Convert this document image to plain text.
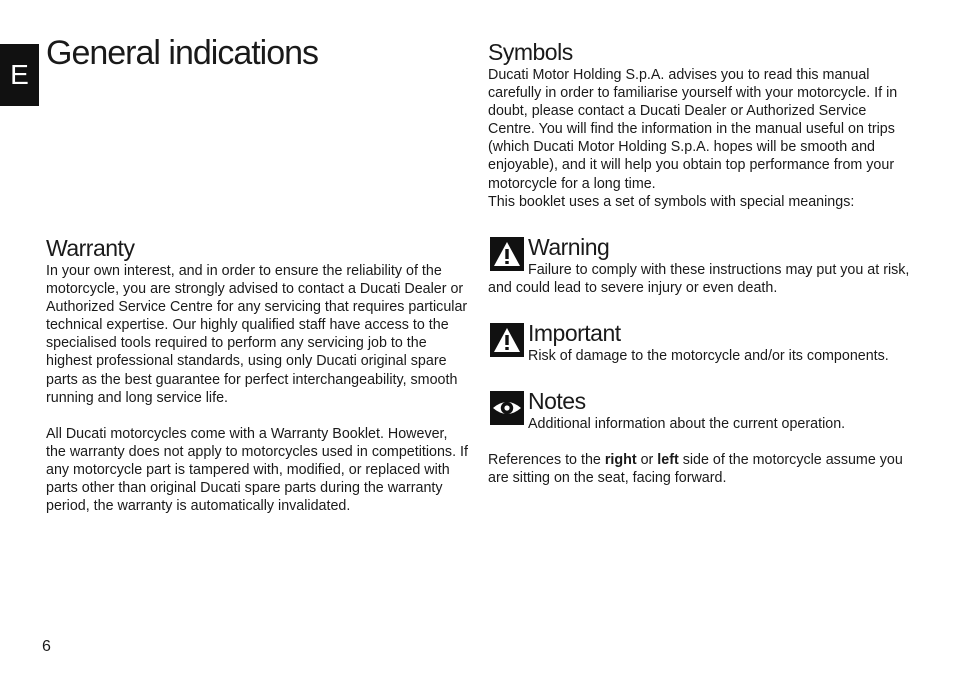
E
General indications
Warranty

In your own interest, and in order to ensure the reliability of the motorcycle, you are strongly advised to contact a Ducati Dealer or Authorized Service Centre for any servicing that requires particular technical expertise. Our highly qualified staff have access to the specialised tools required to perform any servicing job to the highest professional standards, using only Ducati original spare parts as the best guarantee for perfect interchangeability, smooth running and long service life.

All Ducati motorcycles come with a Warranty Booklet. However, the warranty does not apply to motorcycles used in competitions. If any motorcycle part is tampered with, modified, or replaced with parts other than original Ducati spare parts during the warranty period, the warranty is automatically invalidated.

Symbols

Ducati Motor Holding S.p.A. advises you to read this manual carefully in order to familiarise yourself with your motorcycle. If in doubt, please contact a Ducati Dealer or Authorized Service Centre. You will find the information in the manual useful on trips (which Ducati Motor Holding S.p.A. hopes will be smooth and enjoyable), and it will help you obtain top performance from your motorcycle for a long time.

This booklet uses a set of symbols with special meanings:

Warning

Failure to comply with these instructions may put you at risk, and could lead to severe injury or even death.

Important

Risk of damage to the motorcycle and/or its components.

Notes

Additional information about the current operation.

References to the right or left side of the motorcycle assume you are sitting on the seat, facing forward.

6
